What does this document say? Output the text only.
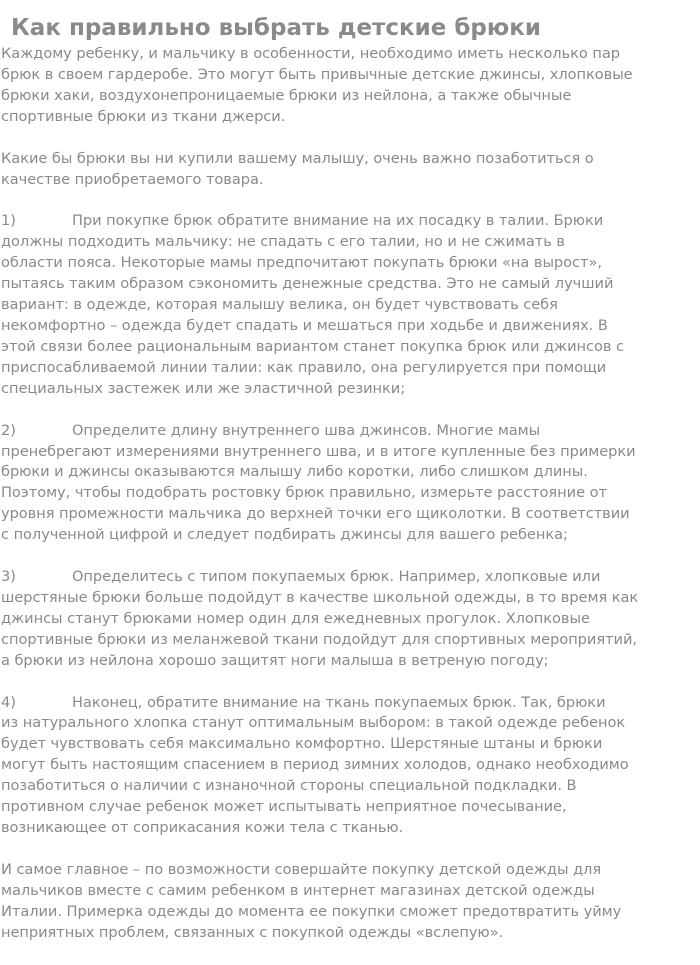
Как правильно выбрать детские брюки

Каждому ребенку, и мальчику в особенности, необходимо иметь несколько пар
брюк в своем гардеробе. Это могут быть привычные детские джинсы, хлопковые
брюки хаки, воздухонепроницаемые брюки из нейлона, а также обычные
спортивные брюки из ткани джерси.

Какие бы брюки вы ни купили вашему малышу, очень важно позаботиться о
качестве приобретаемого товара.

1)	При покупке брюк обратите внимание на их посадку в талии. Брюки
должны подходить мальчику: не спадать с его талии, но и не сжимать в
области пояса. Некоторые мамы предпочитают покупать брюки «на вырост»,
пытаясь таким образом сэкономить денежные средства. Это не самый лучший
вариант: в одежде, которая малышу велика, он будет чувствовать себя
некомфортно – одежда будет спадать и мешаться при ходьбе и движениях. В
этой связи более рациональным вариантом станет покупка брюк или джинсов с
приспосабливаемой линии талии: как правило, она регулируется при помощи
специальных застежек или же эластичной резинки;

2)	Определите длину внутреннего шва джинсов. Многие мамы
пренебрегают измерениями внутреннего шва, и в итоге купленные без примерки
брюки и джинсы оказываются малышу либо коротки, либо слишком длины.
Поэтому, чтобы подобрать ростовку брюк правильно, измерьте расстояние от
уровня промежности мальчика до верхней точки его щиколотки. В соответствии
с полученной цифрой и следует подбирать джинсы для вашего ребенка;

3)	Определитесь с типом покупаемых брюк. Например, хлопковые или
шерстяные брюки больше подойдут в качестве школьной одежды, в то время как
джинсы станут брюками номер один для ежедневных прогулок. Хлопковые
спортивные брюки из меланжевой ткани подойдут для спортивных мероприятий,
а брюки из нейлона хорошо защитят ноги малыша в ветреную погоду;

4)	Наконец, обратите внимание на ткань покупаемых брюк. Так, брюки
из натурального хлопка станут оптимальным выбором: в такой одежде ребенок
будет чувствовать себя максимально комфортно. Шерстяные штаны и брюки
могут быть настоящим спасением в период зимних холодов, однако необходимо
позаботиться о наличии с изнаночной стороны специальной подкладки. В
противном случае ребенок может испытывать неприятное почесывание,
возникающее от соприкасания кожи тела с тканью.

И самое главное – по возможности совершайте покупку детской одежды для
мальчиков вместе с самим ребенком в интернет магазинах детской одежды
Италии. Примерка одежды до момента ее покупки сможет предотвратить уйму
неприятных проблем, связанных с покупкой одежды «вслепую».
